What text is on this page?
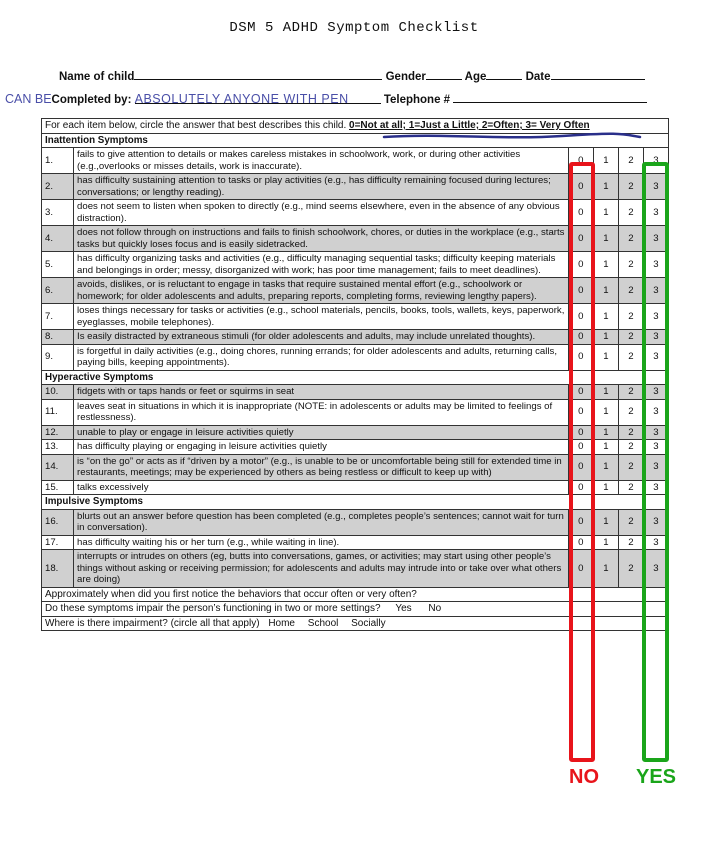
DSM 5 ADHD Symptom Checklist
Name of child	Gender	Age	Date
CAN BECompleted by: ABSOLUTELY ANYONE WITH PEN	Telephone #
For each item below, circle the answer that best describes this child. 0=Not at all; 1=Just a Little; 2=Often; 3= Very Often					
Inattention Symptoms					
1.	fails to give attention to details or makes careless mistakes in schoolwork, work, or during other activities (e.g.,overlooks or misses details, work is inaccurate).	0	1	2	3
2.	has difficulty sustaining attention to tasks or play activities (e.g., has difficulty remaining focused during lectures; conversations; or lengthy reading).	0	1	2	3
3.	does not seem to listen when spoken to directly (e.g., mind seems elsewhere, even in the absence of any obvious distraction).	0	1	2	3
4.	does not follow through on instructions and fails to finish schoolwork, chores, or duties in the workplace (e.g., starts tasks but quickly loses focus and is easily sidetracked.	0	1	2	3
5.	has difficulty organizing tasks and activities (e.g., difficulty managing sequential tasks; difficulty keeping materials and belongings in order; messy, disorganized with work; has poor time management; fails to meet deadlines).	0	1	2	3
6.	avoids, dislikes, or is reluctant to engage in tasks that require sustained mental effort (e.g., schoolwork or homework; for older adolescents and adults, preparing reports, completing forms, reviewing lengthy papers).	0	1	2	3
7.	loses things necessary for tasks or activities (e.g., school materials, pencils, books, tools, wallets, keys, paperwork, eyeglasses, mobile telephones).	0	1	2	3
8.	Is easily distracted by extraneous stimuli (for older adolescents and adults, may include unrelated thoughts).	0	1	2	3
9.	is forgetful in daily activities (e.g., doing chores, running errands; for older adolescents and adults, returning calls, paying bills, keeping appointments).	0	1	2	3
Hyperactive Symptoms					
10.	fidgets with or taps hands or feet or squirms in seat	0	1	2	3
11.	leaves seat in situations in which it is inappropriate (NOTE: in adolescents or adults may be limited to feelings of restlessness).	0	1	2	3
12.	unable to play or engage in leisure activities quietly	0	1	2	3
13.	has difficulty playing or engaging in leisure activities quietly	0	1	2	3
14.	is “on the go” or acts as if “driven by a motor” (e.g., is unable to be or uncomfortable being still for extended time in restaurants, meetings; may be experienced by others as being restless or difficult to keep up with)	0	1	2	3
15.	talks excessively	0	1	2	3
Impulsive Symptoms					
16.	blurts out an answer before question has been completed (e.g., completes people’s sentences; cannot wait for turn in conversation).	0	1	2	3
17.	has difficulty waiting his or her turn (e.g., while waiting in line).	0	1	2	3
18.	interrupts or intrudes on others (eg, butts into conversations, games, or activities; may start using other people’s things without asking or receiving permission; for adolescents and adults may intrude into or take over what others are doing)	0	1	2	3
Approximately when did you first notice the behaviors that occur often or very often?					
Do these symptoms impair the person’s functioning in two or more settings? Yes No					
Where is there impairment? (circle all that apply) Home School Socially					
NO YES
